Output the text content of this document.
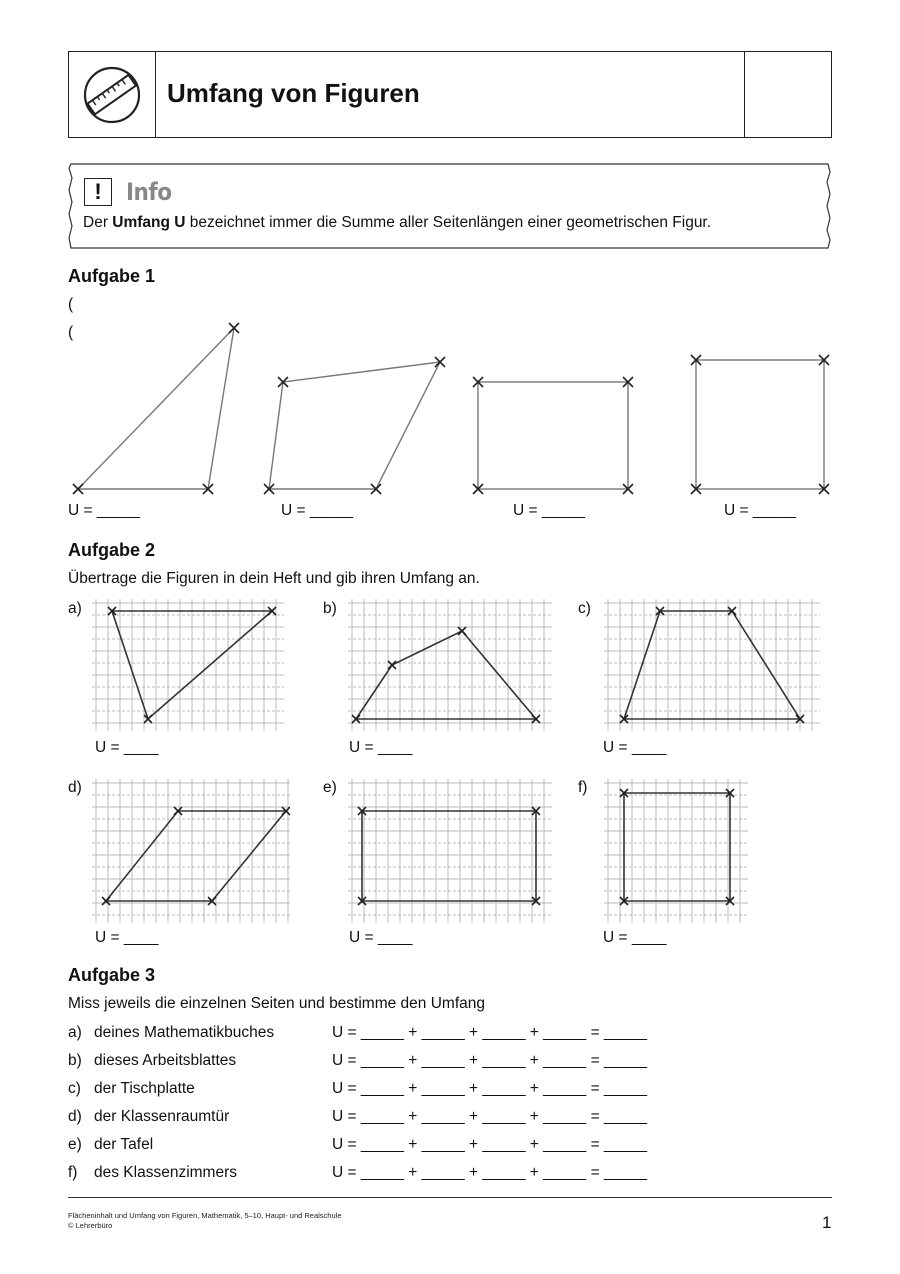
Umfang von Figuren
!	Info
Der Umfang U bezeichnet immer die Summe aller Seitenlängen einer geometrischen Figur.
Aufgabe 1
(
(
U = _____	U = _____	U = _____	U = _____
Aufgabe 2
Übertrage die Figuren in dein Heft und gib ihren Umfang an.
a)	b)	c)
d)	e)	f)
U = ____	U = ____	U = ____
U = ____	U = ____	U = ____
Aufgabe 3
Miss jeweils die einzelnen Seiten und bestimme den Umfang
a) deines Mathematikbuches	U = _____ + _____ + _____ + _____ = _____
b) dieses Arbeitsblattes	U = _____ + _____ + _____ + _____ = _____
c) der Tischplatte	U = _____ + _____ + _____ + _____ = _____
d) der Klassenraumtür	U = _____ + _____ + _____ + _____ = _____
e) der Tafel	U = _____ + _____ + _____ + _____ = _____
f) des Klassenzimmers	U = _____ + _____ + _____ + _____ = _____
Flächeninhalt und Umfang von Figuren, Mathematik, 5–10, Haupt- und Realschule
© Lehrerbüro	1
